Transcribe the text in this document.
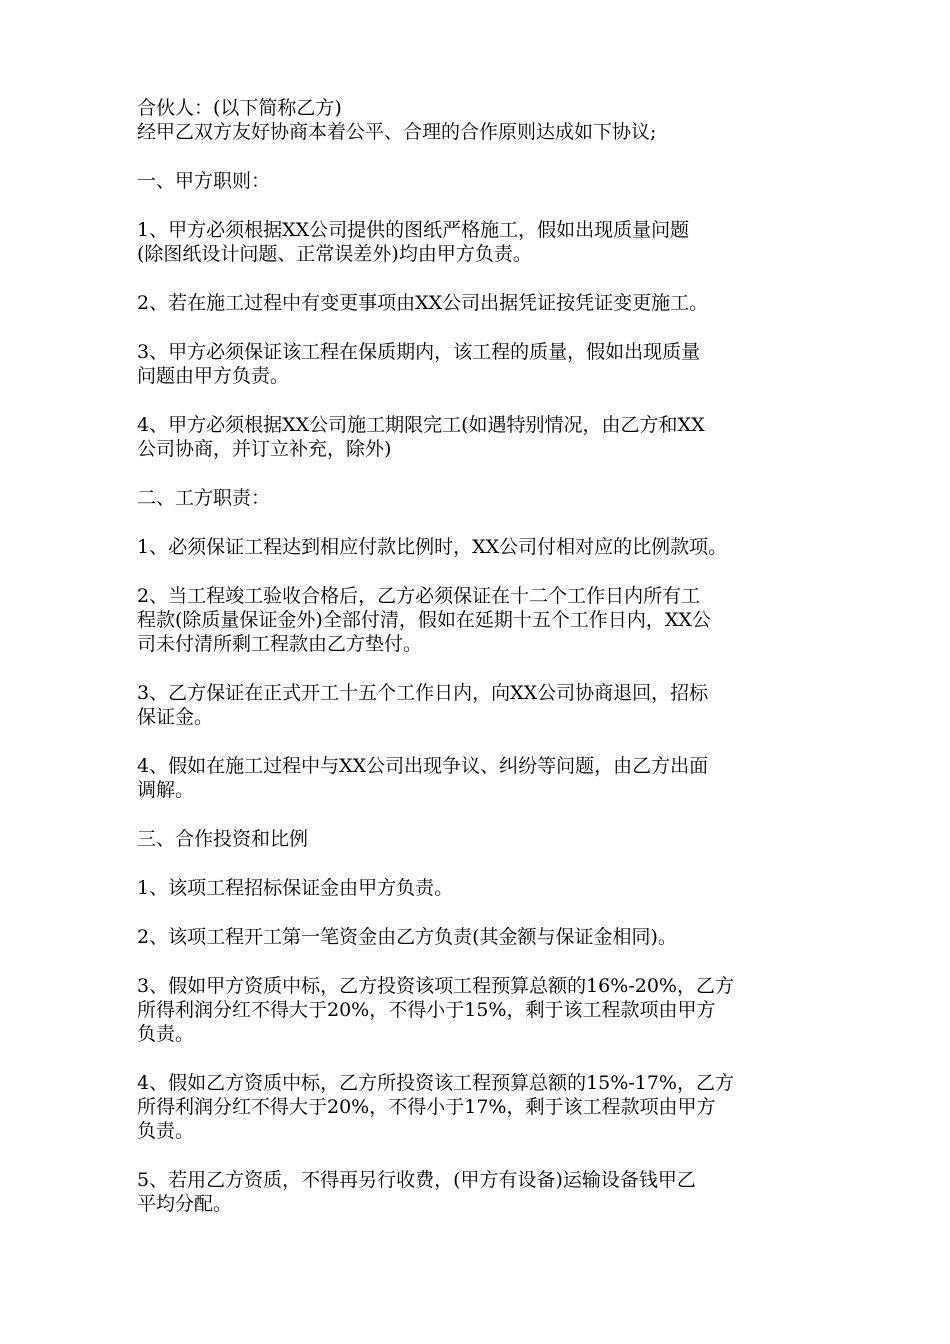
合伙人：(以下简称乙方)
经甲乙双方友好协商本着公平、合理的合作原则达成如下协议;
一、甲方职则：
1、甲方必须根据XX公司提供的图纸严格施工，假如出现质量问题
(除图纸设计问题、正常误差外)均由甲方负责。
2、若在施工过程中有变更事项由XX公司出据凭证按凭证变更施工。
3、甲方必须保证该工程在保质期内，该工程的质量，假如出现质量
问题由甲方负责。
4、甲方必须根据XX公司施工期限完工(如遇特别情况，由乙方和XX
公司协商，并订立补充，除外)
二、工方职责：
1、必须保证工程达到相应付款比例时，XX公司付相对应的比例款项。
2、当工程竣工验收合格后，乙方必须保证在十二个工作日内所有工
程款(除质量保证金外)全部付清，假如在延期十五个工作日内，XX公
司未付清所剩工程款由乙方垫付。
3、乙方保证在正式开工十五个工作日内，向XX公司协商退回，招标
保证金。
4、假如在施工过程中与XX公司出现争议、纠纷等问题，由乙方出面
调解。
三、合作投资和比例
1、该项工程招标保证金由甲方负责。
2、该项工程开工第一笔资金由乙方负责(其金额与保证金相同)。
3、假如甲方资质中标，乙方投资该项工程预算总额的16%-20%，乙方
所得利润分红不得大于20%，不得小于15%，剩于该工程款项由甲方
负责。
4、假如乙方资质中标，乙方所投资该工程预算总额的15%-17%，乙方
所得利润分红不得大于20%，不得小于17%，剩于该工程款项由甲方
负责。
5、若用乙方资质，不得再另行收费，(甲方有设备)运输设备钱甲乙
平均分配。
